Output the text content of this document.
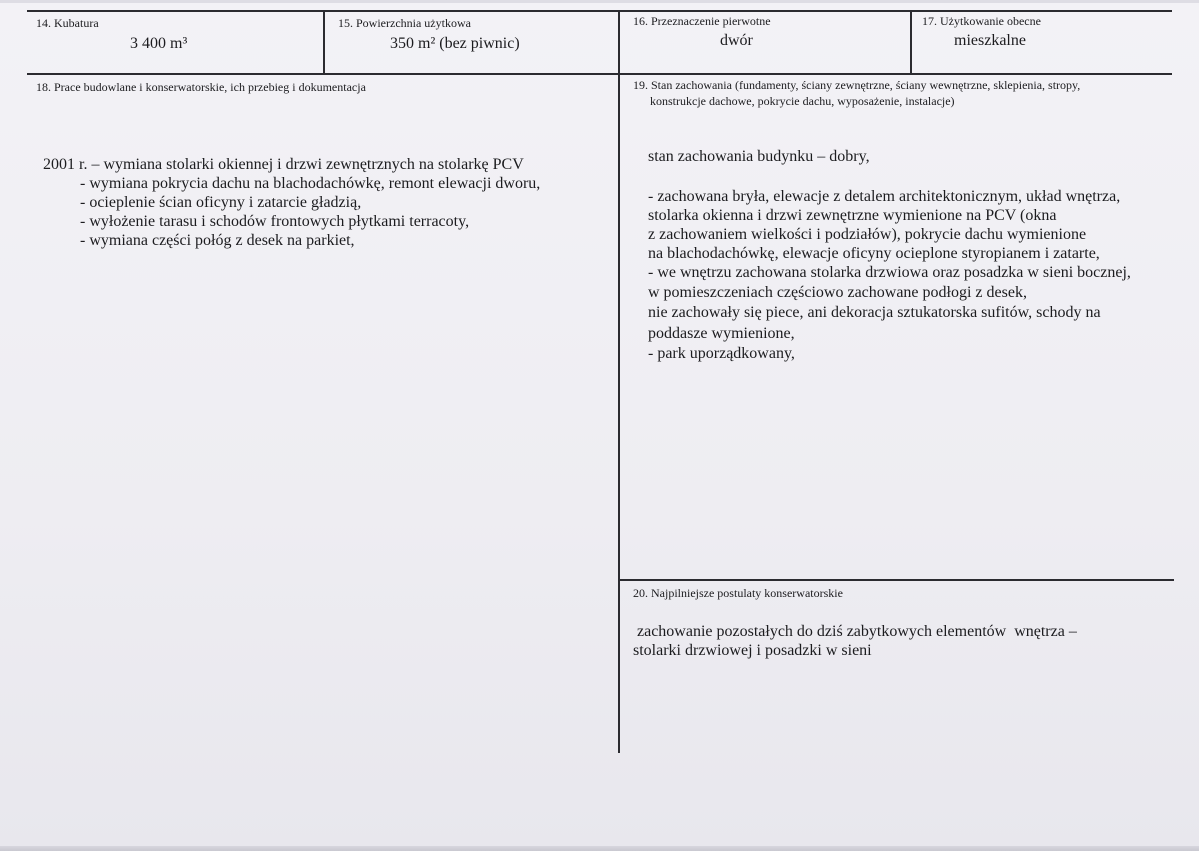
14. Kubatura
3 400 m³
15. Powierzchnia użytkowa
350 m² (bez piwnic)
16. Przeznaczenie pierwotne
dwór
17. Użytkowanie obecne
mieszkalne
18. Prace budowlane i konserwatorskie, ich przebieg i dokumentacja
2001 r. – wymiana stolarki okiennej i drzwi zewnętrznych na stolarkę PCV
- wymiana pokrycia dachu na blachodachówkę, remont elewacji dworu,
- ocieplenie ścian oficyny i zatarcie gładzią,
- wyłożenie tarasu i schodów frontowych płytkami terracoty,
- wymiana części połóg z desek na parkiet,
19. Stan zachowania (fundamenty, ściany zewnętrzne, ściany wewnętrzne, sklepienia, stropy,
konstrukcje dachowe, pokrycie dachu, wyposażenie, instalacje)
stan zachowania budynku – dobry,
- zachowana bryła, elewacje z detalem architektonicznym, układ wnętrza,
stolarka okienna i drzwi zewnętrzne wymienione na PCV (okna
z zachowaniem wielkości i podziałów), pokrycie dachu wymienione
na blachodachówkę, elewacje oficyny ocieplone styropianem i zatarte,
- we wnętrzu zachowana stolarka drzwiowa oraz posadzka w sieni bocznej,
w pomieszczeniach częściowo zachowane podłogi z desek,
nie zachowały się piece, ani dekoracja sztukatorska sufitów, schody na
poddasze wymienione,
- park uporządkowany,
20. Najpilniejsze postulaty konserwatorskie
zachowanie pozostałych do dziś zabytkowych elementów  wnętrza –
stolarki drzwiowej i posadzki w sieni
